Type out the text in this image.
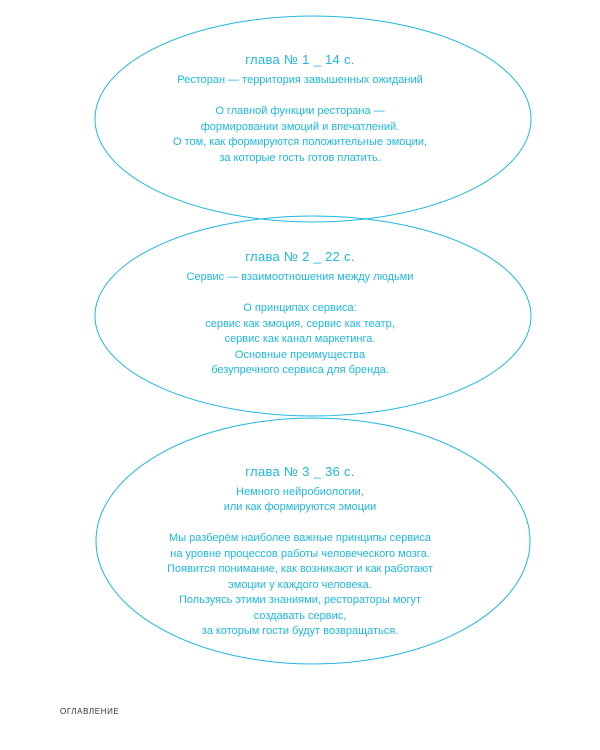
глава № 1 _ 14 с.
Ресторан — территория завышенных ожиданий
О главной функции ресторана —
формировании эмоций и впечатлений.
О том, как формируются положительные эмоции,
за которые гость готов платить.
глава № 2 _ 22 с.
Сервис — взаимоотношения между людьми
О принципах сервиса:
сервис как эмоция, сервис как театр,
сервис как канал маркетинга.
Основные преимущества
безупречного сервиса для бренда.
глава № 3 _ 36 с.
Немного нейробиологии,
или как формируются эмоции
Мы разберём наиболее важные принципы сервиса
на уровне процессов работы человеческого мозга.
Появится понимание, как возникают и как работают
эмоции у каждого человека.
Пользуясь этими знаниями, рестораторы могут
создавать сервис,
за которым гости будут возвращаться.
ОГЛАВЛЕНИЕ
